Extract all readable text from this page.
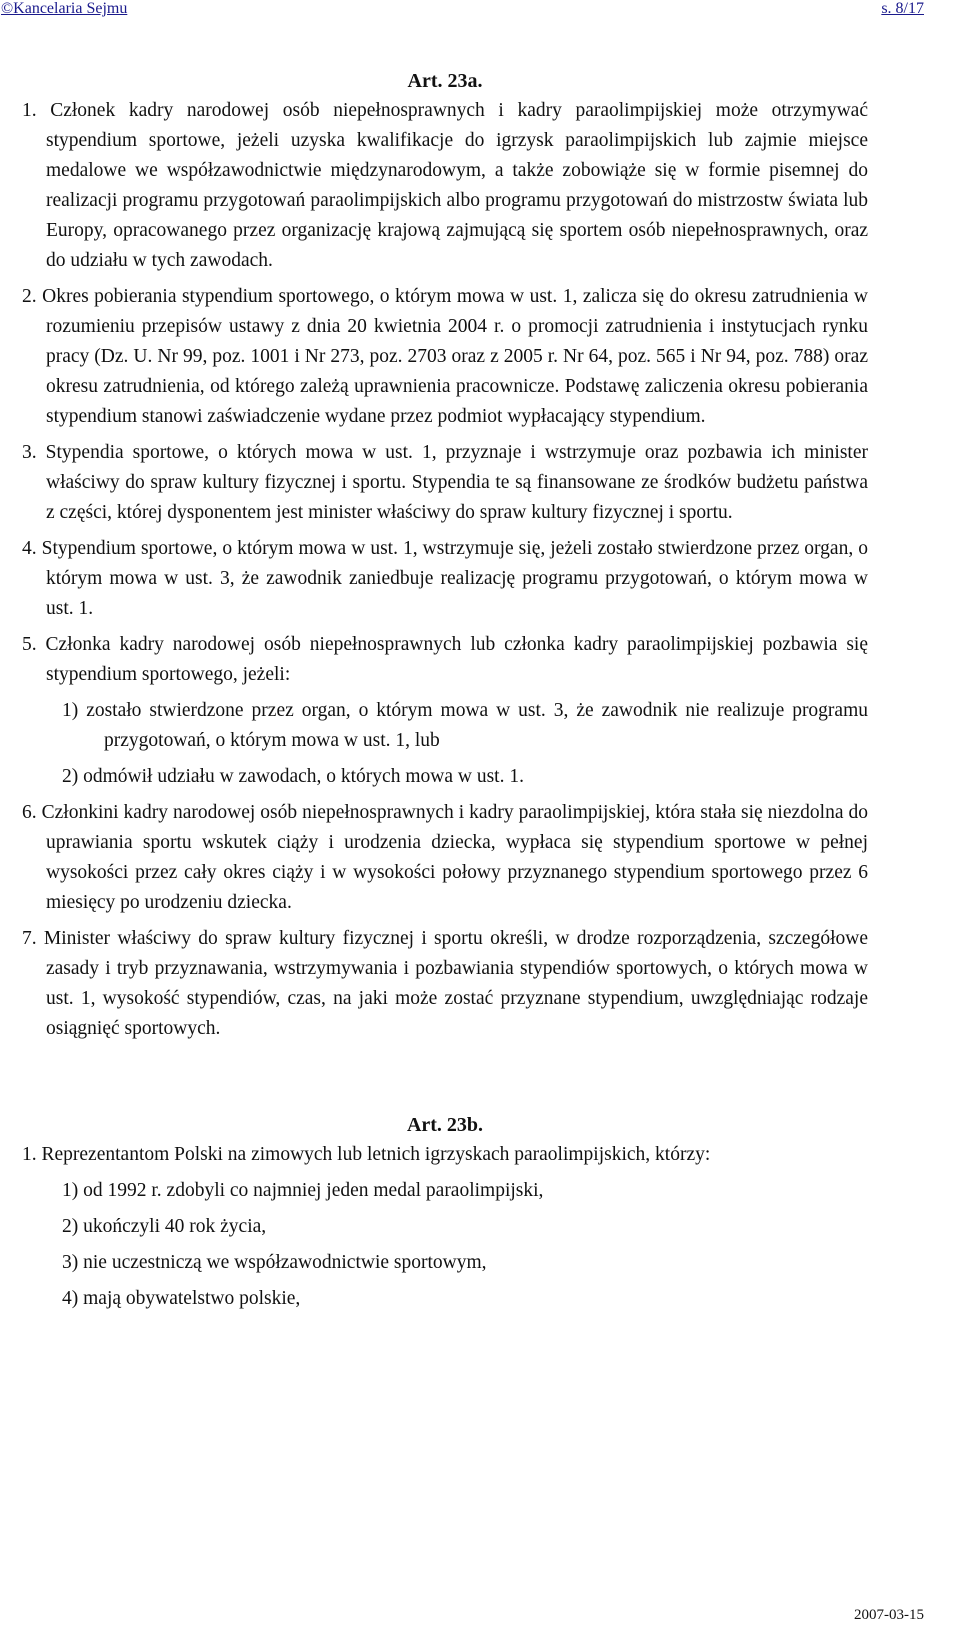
©Kancelaria Sejmu	s. 8/17
Art. 23a.

1. Członek kadry narodowej osób niepełnosprawnych i kadry paraolimpijskiej może otrzymywać stypendium sportowe, jeżeli uzyska kwalifikacje do igrzysk paraolimpijskich lub zajmie miejsce medalowe we współzawodnictwie międzynarodowym, a także zobowiąże się w formie pisemnej do realizacji programu przygotowań paraolimpijskich albo programu przygotowań do mistrzostw świata lub Europy, opracowanego przez organizację krajową zajmującą się sportem osób niepełnosprawnych, oraz do udziału w tych zawodach.

2. Okres pobierania stypendium sportowego, o którym mowa w ust. 1, zalicza się do okresu zatrudnienia w rozumieniu przepisów ustawy z dnia 20 kwietnia 2004 r. o promocji zatrudnienia i instytucjach rynku pracy (Dz. U. Nr 99, poz. 1001 i Nr 273, poz. 2703 oraz z 2005 r. Nr 64, poz. 565 i Nr 94, poz. 788) oraz okresu zatrudnienia, od którego zależą uprawnienia pracownicze. Podstawę zaliczenia okresu pobierania stypendium stanowi zaświadczenie wydane przez podmiot wypłacający stypendium.

3. Stypendia sportowe, o których mowa w ust. 1, przyznaje i wstrzymuje oraz pozbawia ich minister właściwy do spraw kultury fizycznej i sportu. Stypendia te są finansowane ze środków budżetu państwa z części, której dysponentem jest minister właściwy do spraw kultury fizycznej i sportu.

4. Stypendium sportowe, o którym mowa w ust. 1, wstrzymuje się, jeżeli zostało stwierdzone przez organ, o którym mowa w ust. 3, że zawodnik zaniedbuje realizację programu przygotowań, o którym mowa w ust. 1.

5. Członka kadry narodowej osób niepełnosprawnych lub członka kadry paraolimpijskiej pozbawia się stypendium sportowego, jeżeli:

1) zostało stwierdzone przez organ, o którym mowa w ust. 3, że zawodnik nie realizuje programu przygotowań, o którym mowa w ust. 1, lub

2) odmówił udziału w zawodach, o których mowa w ust. 1.

6. Członkini kadry narodowej osób niepełnosprawnych i kadry paraolimpijskiej, która stała się niezdolna do uprawiania sportu wskutek ciąży i urodzenia dziecka, wypłaca się stypendium sportowe w pełnej wysokości przez cały okres ciąży i w wysokości połowy przyznanego stypendium sportowego przez 6 miesięcy po urodzeniu dziecka.

7. Minister właściwy do spraw kultury fizycznej i sportu określi, w drodze rozporządzenia, szczegółowe zasady i tryb przyznawania, wstrzymywania i pozbawiania stypendiów sportowych, o których mowa w ust. 1, wysokość stypendiów, czas, na jaki może zostać przyznane stypendium, uwzględniając rodzaje osiągnięć sportowych.

Art. 23b.

1. Reprezentantom Polski na zimowych lub letnich igrzyskach paraolimpijskich, którzy:

1) od 1992 r. zdobyli co najmniej jeden medal paraolimpijski,

2) ukończyli 40 rok życia,

3) nie uczestniczą we współzawodnictwie sportowym,

4) mają obywatelstwo polskie,

2007-03-15
